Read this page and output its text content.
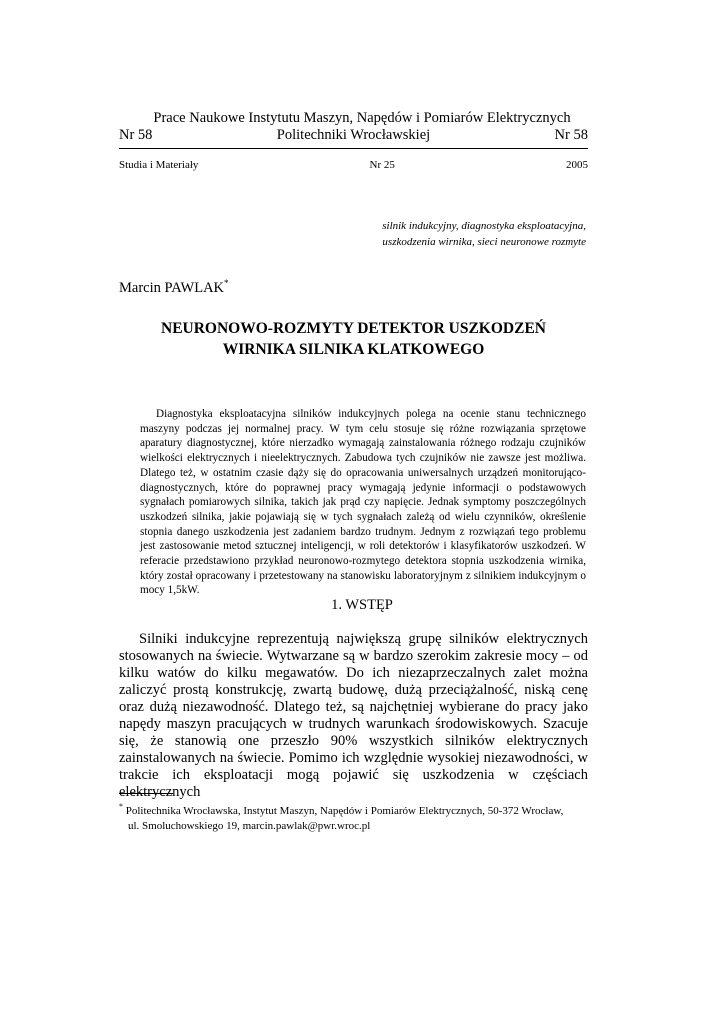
Prace Naukowe Instytutu Maszyn, Napędów i Pomiarów Elektrycznych
Nr 58	Politechniki Wrocławskiej	Nr 58
Studia i Materiały	Nr 25	2005
silnik indukcyjny, diagnostyka eksploatacyjna,
uszkodzenia wirnika, sieci neuronowe rozmyte
Marcin PAWLAK*
NEURONOWO-ROZMYTY DETEKTOR USZKODZEŃ
WIRNIKA SILNIKA KLATKOWEGO
Diagnostyka eksploatacyjna silników indukcyjnych polega na ocenie stanu technicznego maszyny podczas jej normalnej pracy. W tym celu stosuje się różne rozwiązania sprzętowe aparatury diagnostycznej, które nierzadko wymagają zainstalowania różnego rodzaju czujników wielkości elektrycznych i nieelektrycznych. Zabudowa tych czujników nie zawsze jest możliwa. Dlatego też, w ostatnim czasie dąży się do opracowania uniwersalnych urządzeń monitorująco-diagnostycznych, które do poprawnej pracy wymagają jedynie informacji o podstawowych sygnałach pomiarowych silnika, takich jak prąd czy napięcie. Jednak symptomy poszczególnych uszkodzeń silnika, jakie pojawiają się w tych sygnałach zależą od wielu czynników, określenie stopnia danego uszkodzenia jest zadaniem bardzo trudnym. Jednym z rozwiązań tego problemu jest zastosowanie metod sztucznej inteligencji, w roli detektorów i klasyfikatorów uszkodzeń. W referacie przedstawiono przykład neuronowo-rozmytego detektora stopnia uszkodzenia wirnika, który został opracowany i przetestowany na stanowisku laboratoryjnym z silnikiem indukcyjnym o mocy 1,5kW.
1. WSTĘP
Silniki indukcyjne reprezentują największą grupę silników elektrycznych stosowanych na świecie. Wytwarzane są w bardzo szerokim zakresie mocy – od kilku watów do kilku megawatów. Do ich niezaprzeczalnych zalet można zaliczyć prostą konstrukcję, zwartą budowę, dużą przeciążalność, niską cenę oraz dużą niezawodność. Dlatego też, są najchętniej wybierane do pracy jako napędy maszyn pracujących w trudnych warunkach środowiskowych. Szacuje się, że stanowią one przeszło 90% wszystkich silników elektrycznych zainstalowanych na świecie. Pomimo ich względnie wysokiej niezawodności, w trakcie ich eksploatacji mogą pojawić się uszkodzenia w częściach elektrycznych
* Politechnika Wrocławska, Instytut Maszyn, Napędów i Pomiarów Elektrycznych, 50-372 Wrocław,
ul. Smoluchowskiego 19, marcin.pawlak@pwr.wroc.pl
